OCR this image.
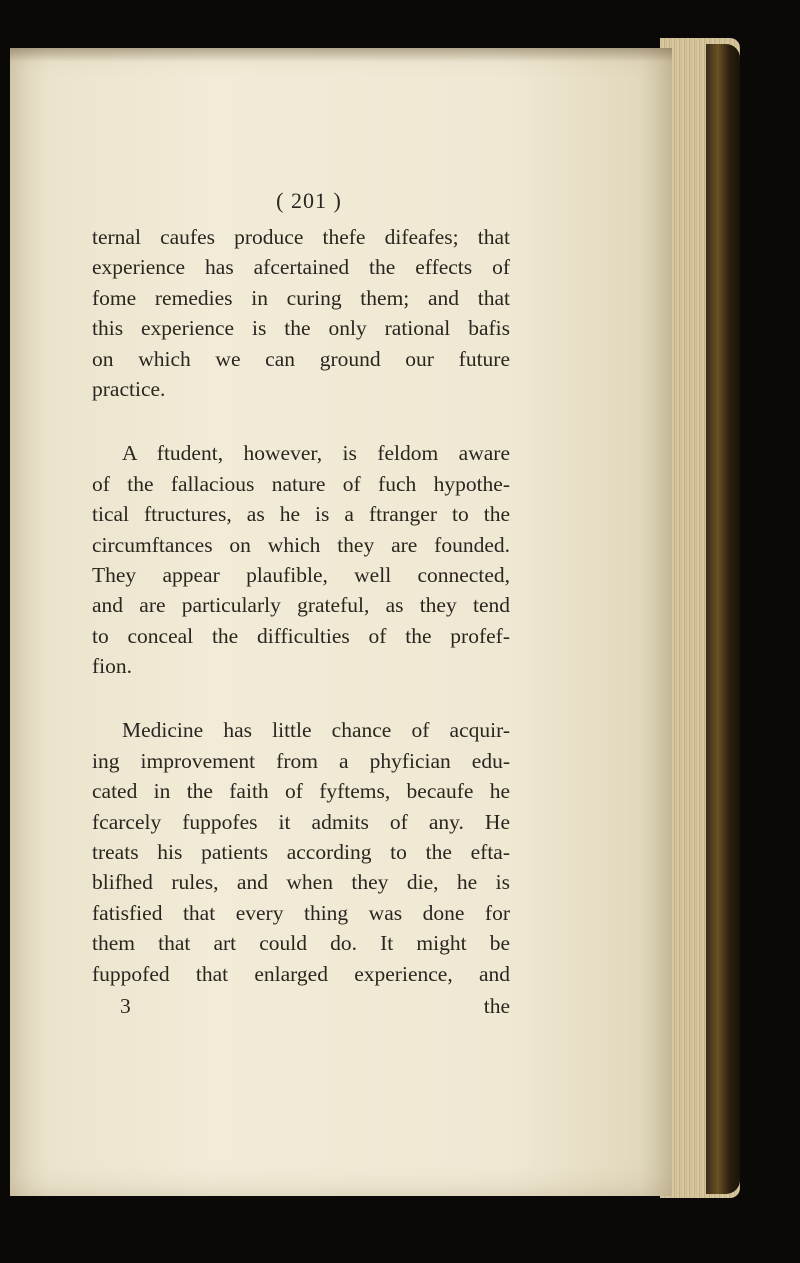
( 201 )
ternal caufes produce thefe difeafes; that
experience has afcertained the effects of
fome remedies in curing them; and that
this experience is the only rational bafis
on which we can ground our future
practice.
A ftudent, however, is feldom aware
of the fallacious nature of fuch hypothe-
tical ftructures, as he is a ftranger to the
circumftances on which they are founded.
They appear plaufible, well connected,
and are particularly grateful, as they tend
to conceal the difficulties of the profef-
fion.
Medicine has little chance of acquir-
ing improvement from a phyfician edu-
cated in the faith of fyftems, becaufe he
fcarcely fuppofes it admits of any. He
treats his patients according to the efta-
blifhed rules, and when they die, he is
fatisfied that every thing was done for
them that art could do. It might be
fuppofed that enlarged experience, and
3	the
